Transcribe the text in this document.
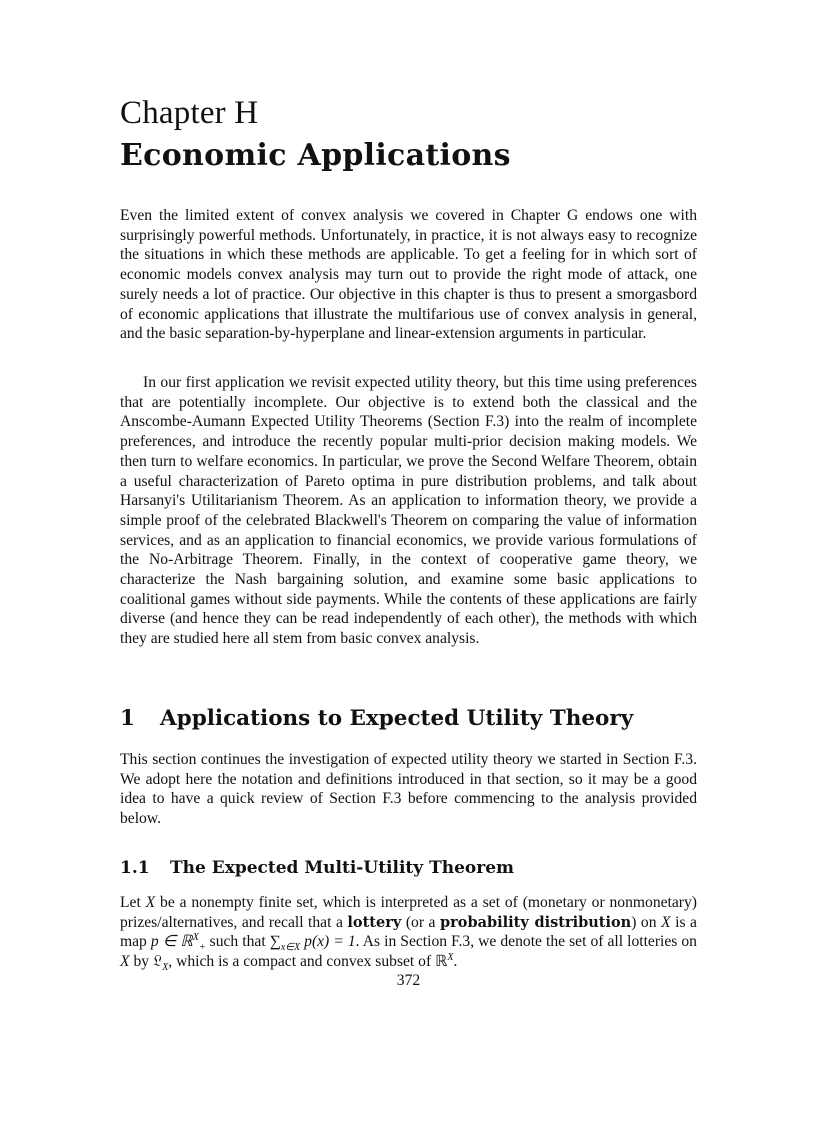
Chapter H
Economic Applications

Even the limited extent of convex analysis we covered in Chapter G endows one with surprisingly powerful methods. Unfortunately, in practice, it is not always easy to recognize the situations in which these methods are applicable. To get a feeling for in which sort of economic models convex analysis may turn out to provide the right mode of attack, one surely needs a lot of practice. Our objective in this chapter is thus to present a smorgasbord of economic applications that illustrate the multifarious use of convex analysis in general, and the basic separation-by-hyperplane and linear-extension arguments in particular.

In our first application we revisit expected utility theory, but this time using preferences that are potentially incomplete. Our objective is to extend both the classical and the Anscombe-Aumann Expected Utility Theorems (Section F.3) into the realm of incomplete preferences, and introduce the recently popular multi-prior decision making models. We then turn to welfare economics. In particular, we prove the Second Welfare Theorem, obtain a useful characterization of Pareto optima in pure distribution problems, and talk about Harsanyi's Utilitarianism Theorem. As an application to information theory, we provide a simple proof of the celebrated Blackwell's Theorem on comparing the value of information services, and as an application to financial economics, we provide various formulations of the No-Arbitrage Theorem. Finally, in the context of cooperative game theory, we characterize the Nash bargaining solution, and examine some basic applications to coalitional games without side payments. While the contents of these applications are fairly diverse (and hence they can be read independently of each other), the methods with which they are studied here all stem from basic convex analysis.

1 Applications to Expected Utility Theory

This section continues the investigation of expected utility theory we started in Section F.3. We adopt here the notation and definitions introduced in that section, so it may be a good idea to have a quick review of Section F.3 before commencing to the analysis provided below.

1.1 The Expected Multi-Utility Theorem

Let X be a nonempty finite set, which is interpreted as a set of (monetary or nonmonetary) prizes/alternatives, and recall that a lottery (or a probability distribution) on X is a map p ∈ ℝ$^X_+$ such that $\sum_{x\in X}$ p(x) = 1. As in Section F.3, we denote the set of all lotteries on X by 𝔏$_X$, which is a compact and convex subset of ℝ$^X$.

372
